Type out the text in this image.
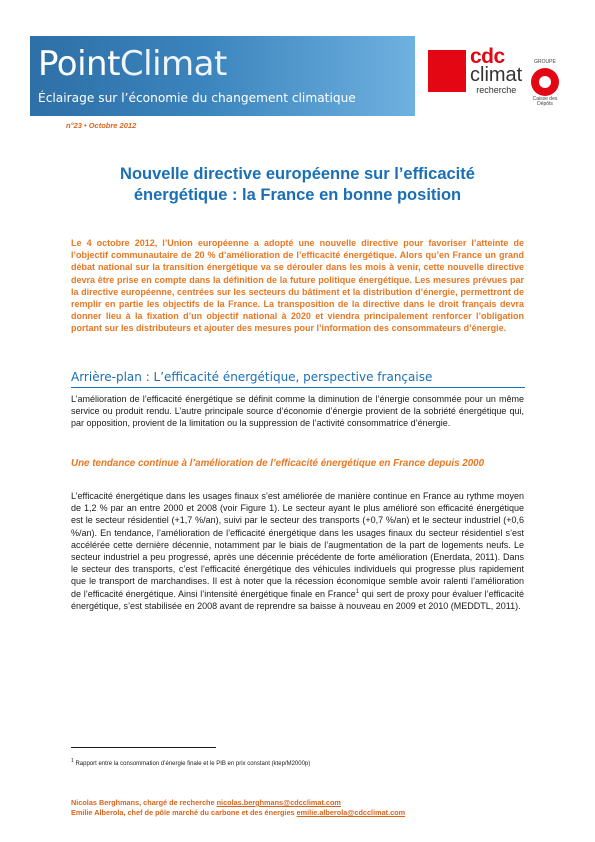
PointClimat
Éclairage sur l’économie du changement climatique
cdc
climat
recherche
GROUPE
Caisse des Dépôts
n°23 • Octobre 2012
Nouvelle directive européenne sur l’efficacité
énergétique : la France en bonne position
Le 4 octobre 2012, l’Union européenne a adopté une nouvelle directive pour favoriser l’atteinte de l’objectif communautaire de 20 % d’amélioration de l’efficacité énergétique. Alors qu’en France un grand débat national sur la transition énergétique va se dérouler dans les mois à venir, cette nouvelle directive devra être prise en compte dans la définition de la future politique énergétique. Les mesures prévues par la directive européenne, centrées sur les secteurs du bâtiment et la distribution d’énergie, permettront de remplir en partie les objectifs de la France. La transposition de la directive dans le droit français devra donner lieu à la fixation d’un objectif national à 2020 et viendra principalement renforcer l’obligation portant sur les distributeurs et ajouter des mesures pour l’information des consommateurs d’énergie.
Arrière-plan : L’efficacité énergétique, perspective française
L’amélioration de l’efficacité énergétique se définit comme la diminution de l’énergie consommée pour un même service ou produit rendu. L’autre principale source d’économie d’énergie provient de la sobriété énergétique qui, par opposition, provient de la limitation ou la suppression de l’activité consommatrice d’énergie.
Une tendance continue à l’amélioration de l’efficacité énergétique en France depuis 2000
L’efficacité énergétique dans les usages finaux s’est améliorée de manière continue en France au rythme moyen de 1,2 % par an entre 2000 et 2008 (voir Figure 1). Le secteur ayant le plus amélioré son efficacité énergétique est le secteur résidentiel (+1,7 %/an), suivi par le secteur des transports (+0,7 %/an) et le secteur industriel (+0,6 %/an). En tendance, l’amélioration de l’efficacité énergétique dans les usages finaux du secteur résidentiel s’est accélérée cette dernière décennie, notamment par le biais de l’augmentation de la part de logements neufs. Le secteur industriel a peu progressé, après une décennie précédente de forte amélioration (Enerdata, 2011). Dans le secteur des transports, c’est l’efficacité énergétique des véhicules individuels qui progresse plus rapidement que le transport de marchandises. Il est à noter que la récession économique semble avoir ralenti l’amélioration de l’efficacité énergétique. Ainsi l’intensité énergétique finale en France$^1$ qui sert de proxy pour évaluer l’efficacité énergétique, s’est stabilisée en 2008 avant de reprendre sa baisse à nouveau en 2009 et 2010 (MEDDTL, 2011).
$^1$ Rapport entre la consommation d’énergie finale et le PIB en prix constant (ktep/M2000p)
Nicolas Berghmans, chargé de recherche nicolas.berghmans@cdcclimat.com
Emilie Alberola, chef de pôle marché du carbone et des énergies emilie.alberola@cdcclimat.com
